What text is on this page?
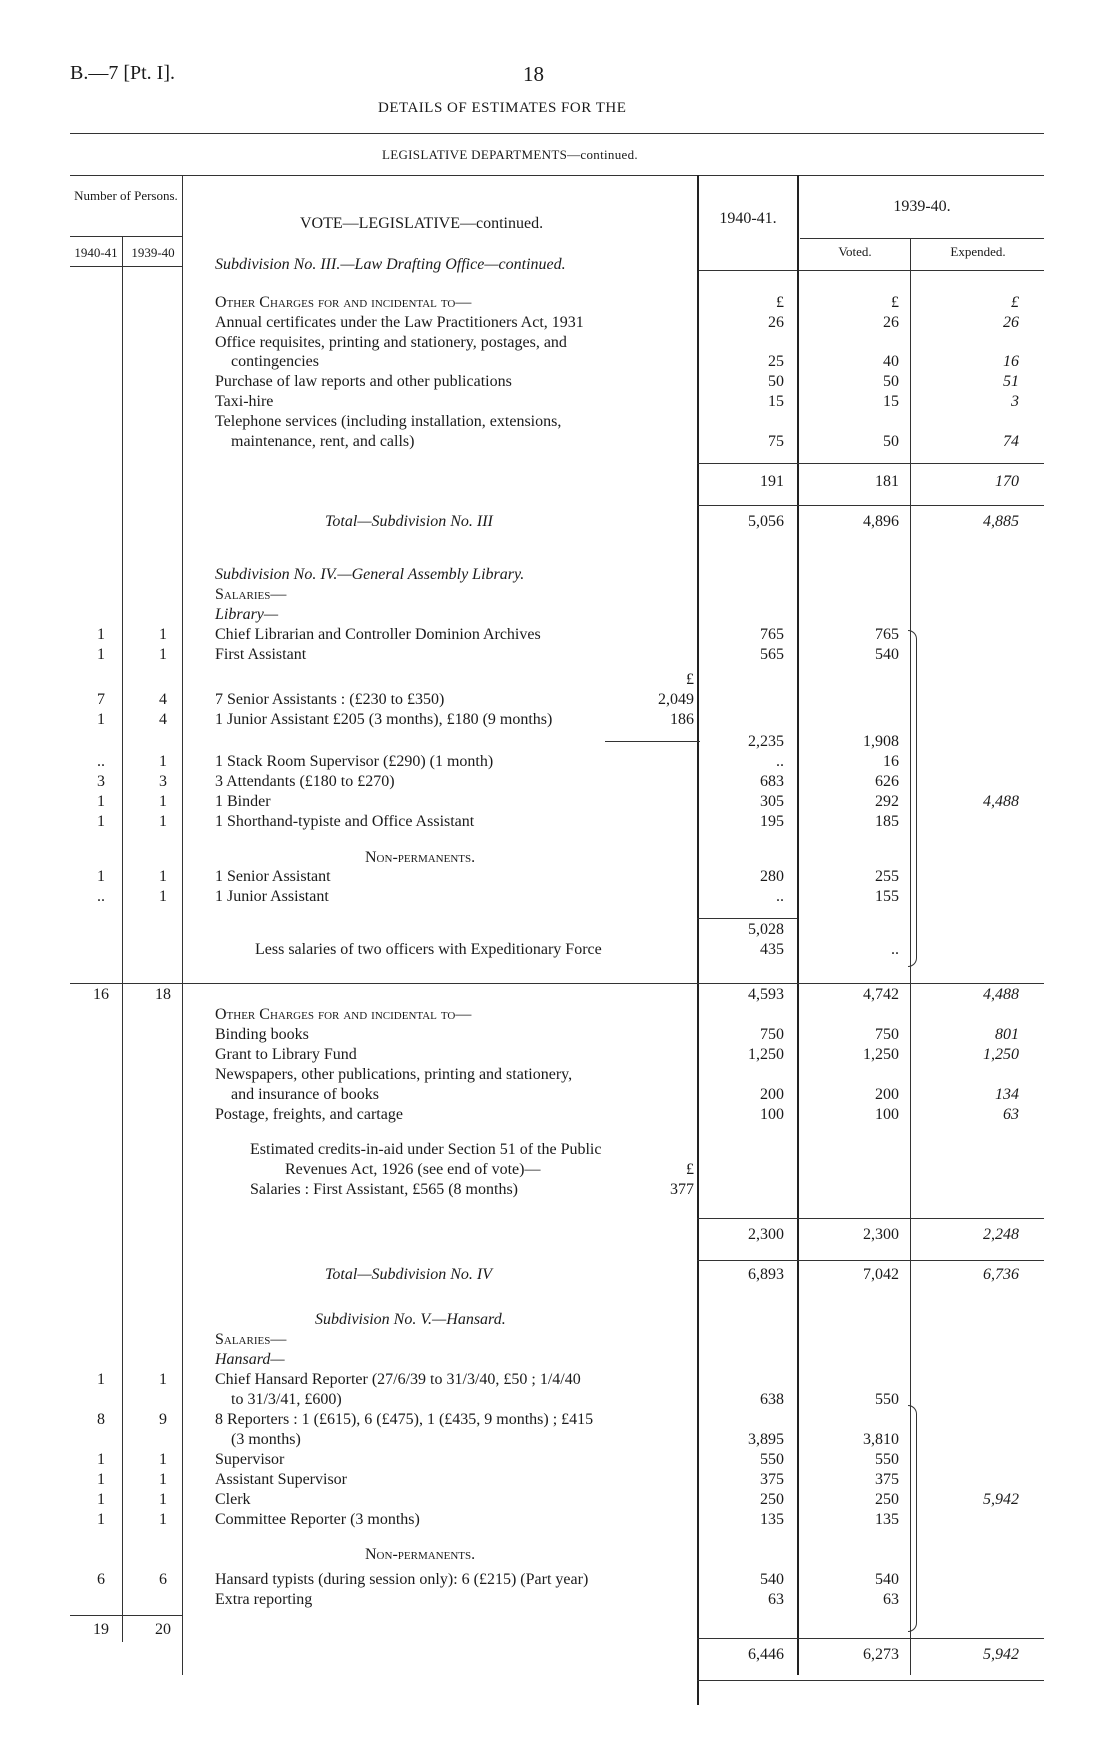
B.—7 [Pt. I].	18
DETAILS OF ESTIMATES FOR THE
LEGISLATIVE DEPARTMENTS—continued.
Number of Persons.
1940-41	1939-40
VOTE—LEGISLATIVE—continued.	1940-41.
1939-40.
Voted.	Expended.
Subdivision No. III.—Law Drafting Office—continued.
Other Charges for and incidental to—	£	£	£
Annual certificates under the Law Practitioners Act, 1931	26	26	26
Office requisites, printing and stationery, postages, and
contingencies	25	40	16
Purchase of law reports and other publications	50	50	51
Taxi-hire	15	15	3
Telephone services (including installation, extensions,
maintenance, rent, and calls)	75	50	74
191	181	170
Total—Subdivision No. III	5,056	4,896	4,885
Subdivision No. IV.—General Assembly Library.
Salaries—
Library—
1	1	Chief Librarian and Controller Dominion Archives	765	765
1	1	First Assistant	565	540
£
7	4	7 Senior Assistants : (£230 to £350)	2,049
1	4	1 Junior Assistant £205 (3 months), £180 (9 months)	186
2,235	1,908
..	1	1 Stack Room Supervisor (£290) (1 month)	..	16
3	3	3 Attendants (£180 to £270)	683	626
1	1	1 Binder	305	292	4,488
1	1	1 Shorthand-typiste and Office Assistant	195	185
Non-permanents.
1	1	1 Senior Assistant	280	255
..	1	1 Junior Assistant	..	155
5,028
Less salaries of two officers with Expeditionary Force	435	..
16	18	4,593	4,742	4,488
Other Charges for and incidental to—
Binding books	750	750	801
Grant to Library Fund	1,250	1,250	1,250
Newspapers, other publications, printing and stationery,
and insurance of books	200	200	134
Postage, freights, and cartage	100	100	63
Estimated credits-in-aid under Section 51 of the Public
Revenues Act, 1926 (see end of vote)—	£
Salaries : First Assistant, £565 (8 months)	377
2,300	2,300	2,248
Total—Subdivision No. IV	6,893	7,042	6,736
Subdivision No. V.—Hansard.
Salaries—
Hansard—
1	1	Chief Hansard Reporter (27/6/39 to 31/3/40, £50 ; 1/4/40
to 31/3/41, £600)	638	550
8	9	8 Reporters : 1 (£615), 6 (£475), 1 (£435, 9 months) ; £415
(3 months)	3,895	3,810
1	1	Supervisor	550	550
1	1	Assistant Supervisor	375	375
1	1	Clerk	250	250	5,942
1	1	Committee Reporter (3 months)	135	135
Non-permanents.
6	6	Hansard typists (during session only): 6 (£215) (Part year)	540	540
Extra reporting	63	63
19	20
6,446	6,273	5,942
